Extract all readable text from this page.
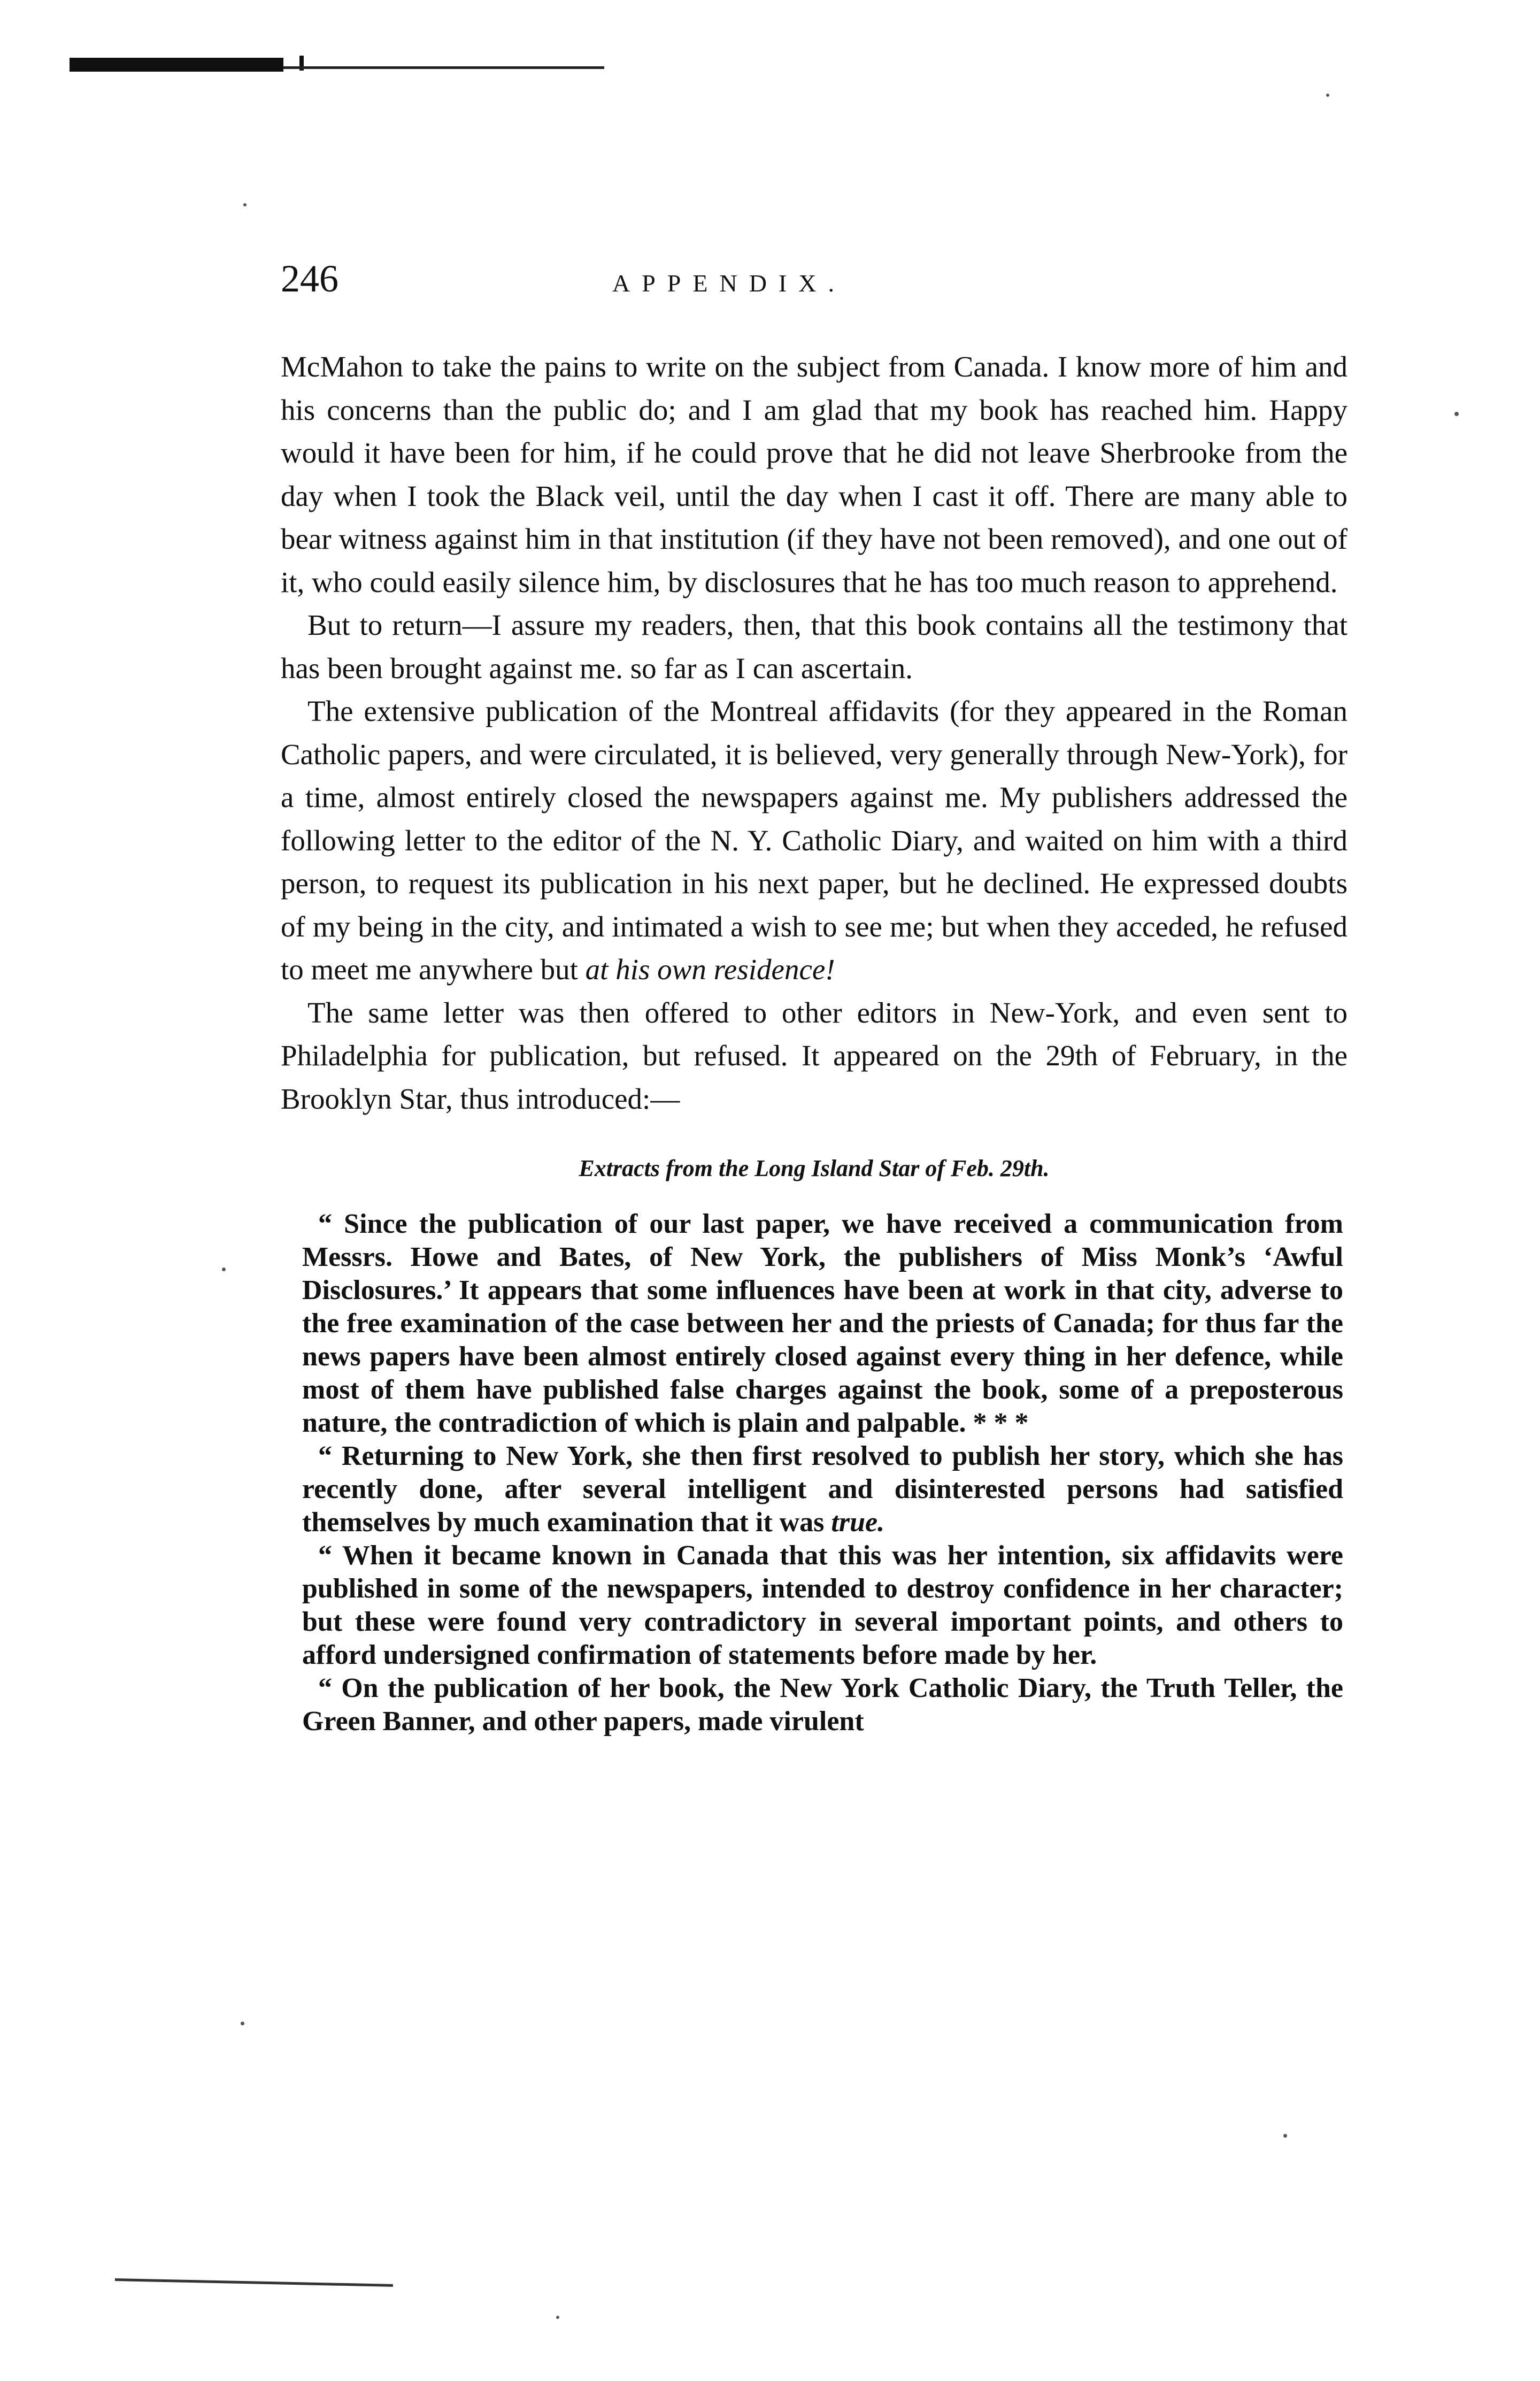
246	APPENDIX.

McMahon to take the pains to write on the subject from Canada. I know more of him and his concerns than the public do; and I am glad that my book has reached him. Happy would it have been for him, if he could prove that he did not leave Sherbrooke from the day when I took the Black veil, until the day when I cast it off. There are many able to bear witness against him in that institution (if they have not been removed), and one out of it, who could easily silence him, by disclosures that he has too much reason to apprehend.

But to return—I assure my readers, then, that this book contains all the testimony that has been brought against me. so far as I can ascertain.

The extensive publication of the Montreal affidavits (for they appeared in the Roman Catholic papers, and were circulated, it is believed, very generally through New-York), for a time, almost entirely closed the newspapers against me. My publishers addressed the following letter to the editor of the N. Y. Catholic Diary, and waited on him with a third person, to request its publication in his next paper, but he declined. He expressed doubts of my being in the city, and intimated a wish to see me; but when they acceded, he refused to meet me anywhere but at his own residence!

The same letter was then offered to other editors in New-York, and even sent to Philadelphia for publication, but refused. It appeared on the 29th of February, in the Brooklyn Star, thus introduced:—

Extracts from the Long Island Star of Feb. 29th.

“ Since the publication of our last paper, we have received a communication from Messrs. Howe and Bates, of New York, the publishers of Miss Monk’s ‘Awful Disclosures.’ It appears that some influences have been at work in that city, adverse to the free examination of the case between her and the priests of Canada; for thus far the news papers have been almost entirely closed against every thing in her defence, while most of them have published false charges against the book, some of a preposterous nature, the contradiction of which is plain and palpable. * * *

“ Returning to New York, she then first resolved to publish her story, which she has recently done, after several intelligent and disinterested persons had satisfied themselves by much examination that it was true.

“ When it became known in Canada that this was her intention, six affidavits were published in some of the newspapers, intended to destroy confidence in her character; but these were found very contradictory in several important points, and others to afford undersigned confirmation of statements before made by her.

“ On the publication of her book, the New York Catholic Diary, the Truth Teller, the Green Banner, and other papers, made virulent
